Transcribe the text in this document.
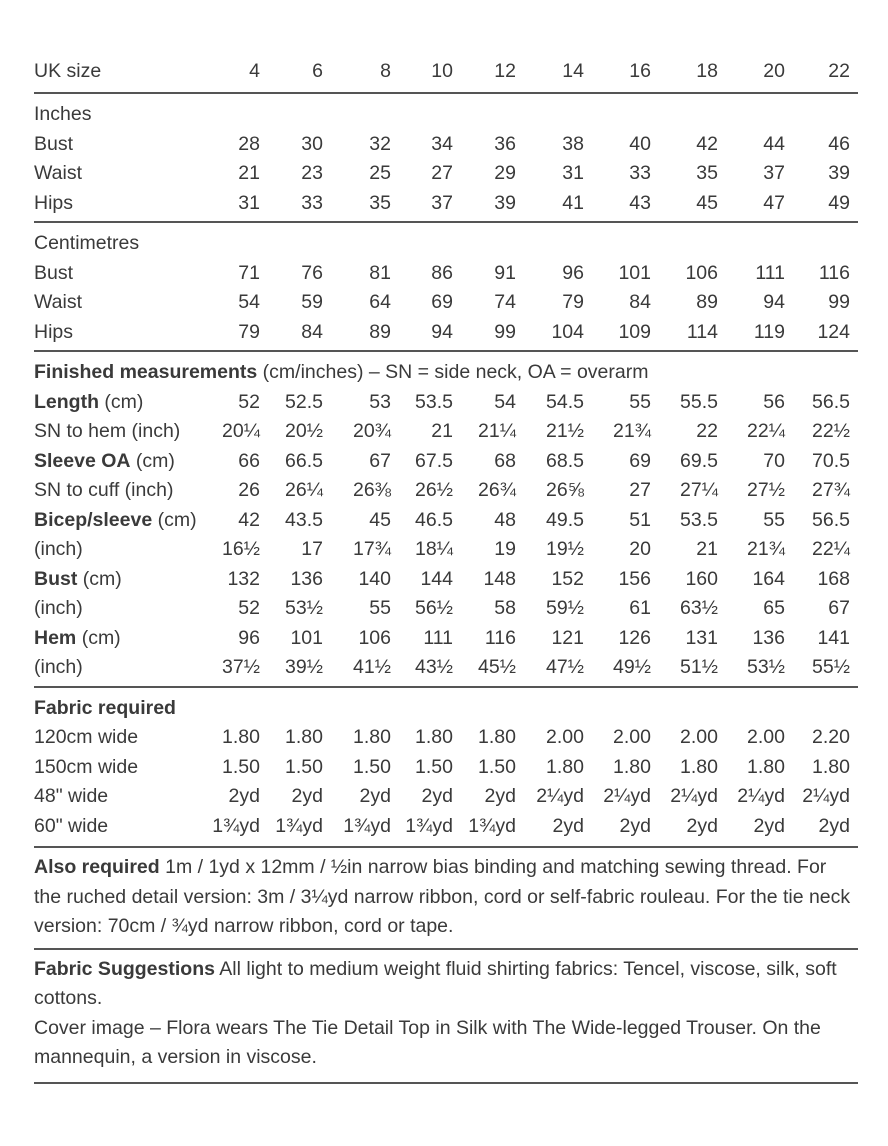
UK size	4	6	8 10 12 14 16 18 20 22
Inches
Bust	28 30 32 34 36 38 40 42 44 46
Waist	21 23 25 27 29 31 33 35 37 39
Hips	31 33 35 37 39 41 43 45 47 49
Centimetres
Bust	71 76 81 86 91 96 101 106 111 116
Waist	54 59 64 69 74 79 84 89 94 99
Hips	79 84 89 94 99 104 109 114 119 124
Finished measurements (cm/inches) – SN = side neck, OA = overarm
Length (cm)	52 52.5 53 53.5 54 54.5 55 55.5 56 56.5
SN to hem (inch) 20¼ 20½ 20¾ 21 21¼ 21½ 21¾ 22 22¼ 22½
Sleeve OA (cm)	66 66.5 67 67.5 68 68.5 69 69.5 70 70.5
SN to cuff (inch)	26 26¼ 26⅜ 26½ 26¾ 26⅝ 27 27¼ 27½ 27¾
Bicep/sleeve (cm) 42 43.5 45 46.5 48 49.5 51 53.5 55 56.5
(inch)	16½ 17 17¾ 18¼ 19 19½ 20 21 21¾ 22¼
Bust (cm)	132 136 140 144 148 152 156 160 164 168
(inch)	52 53½ 55 56½ 58 59½ 61 63½ 65 67
Hem (cm)	96 101 106 111 116 121 126 131 136 141
(inch)	37½ 39½ 41½ 43½ 45½ 47½ 49½ 51½ 53½ 55½
Fabric required
120cm wide	1.80 1.80 1.80 1.80 1.80 2.00 2.00 2.00 2.00 2.20
150cm wide	1.50 1.50 1.50 1.50 1.50 1.80 1.80 1.80 1.80 1.80
48" wide	2yd 2yd 2yd 2yd 2yd 2¼yd 2¼yd 2¼yd 2¼yd 2¼yd
60" wide	1¾yd 1¾yd 1¾yd 1¾yd 1¾yd 2yd 2yd 2yd 2yd 2yd

Also required 1m / 1yd x 12mm / ½in narrow bias binding and matching sewing thread. For the ruched detail version: 3m / 3¼yd narrow ribbon, cord or self-fabric rouleau. For the tie neck version: 70cm / ¾yd narrow ribbon, cord or tape.

Fabric Suggestions All light to medium weight fluid shirting fabrics: Tencel, viscose, silk, soft cottons.

Cover image – Flora wears The Tie Detail Top in Silk with The Wide-legged Trouser. On the mannequin, a version in viscose.
